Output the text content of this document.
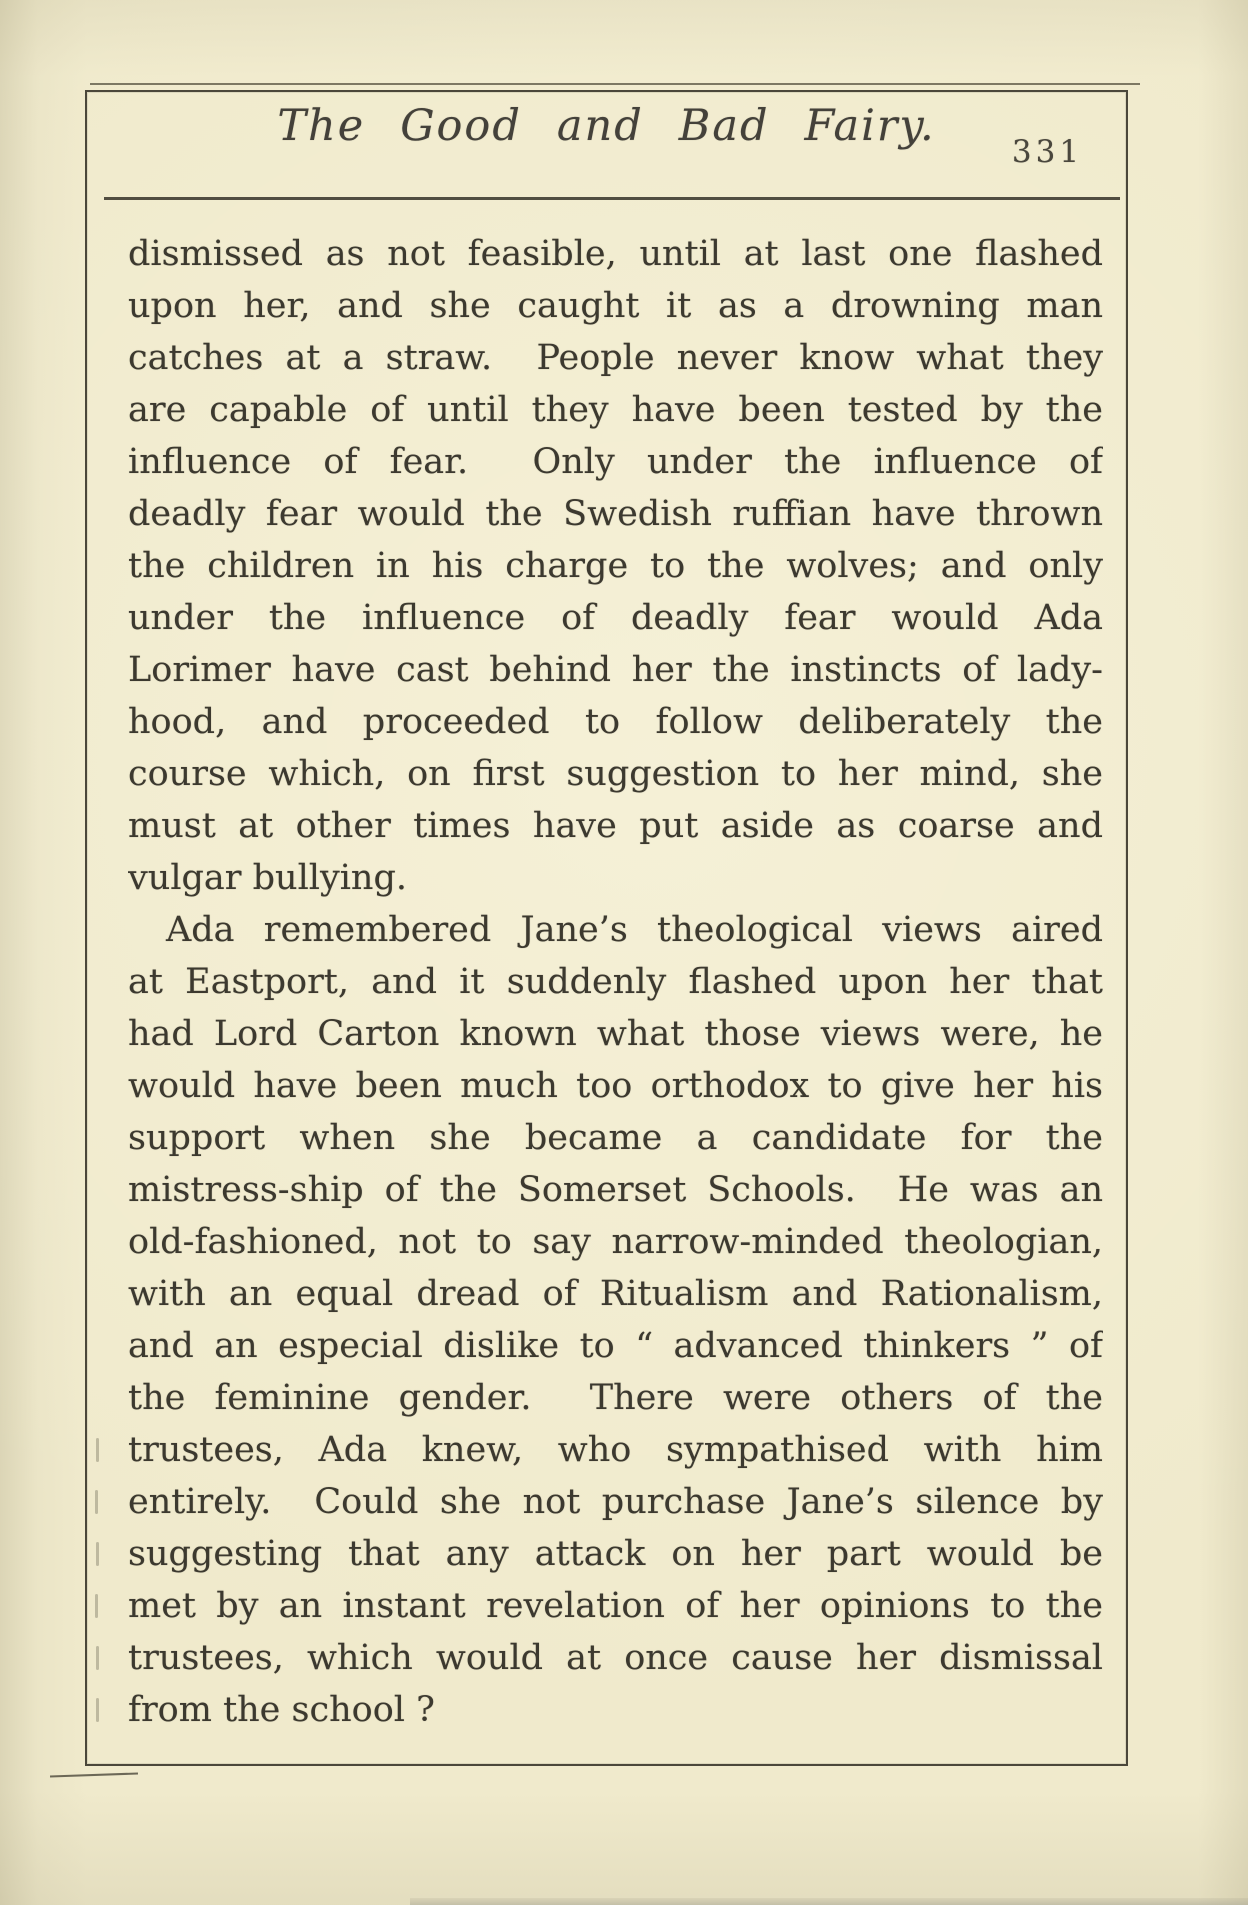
The Good and Bad Fairy.
331
dismissed as not feasible, until at last one flashed
upon her, and she caught it as a drowning man
catches at a straw.  People never know what they
are capable of until they have been tested by the
influence of fear.  Only under the influence of
deadly fear would the Swedish ruffian have thrown
the children in his charge to the wolves; and only
under the influence of deadly fear would Ada
Lorimer have cast behind her the instincts of lady-
hood, and proceeded to follow deliberately the
course which, on first suggestion to her mind, she
must at other times have put aside as coarse and
vulgar bullying.
Ada remembered Jane’s theological views aired
at Eastport, and it suddenly flashed upon her that
had Lord Carton known what those views were, he
would have been much too orthodox to give her his
support when she became a candidate for the
mistress-ship of the Somerset Schools.  He was an
old-fashioned, not to say narrow-minded theologian,
with an equal dread of Ritualism and Rationalism,
and an especial dislike to “ advanced thinkers ” of
the feminine gender.  There were others of the
trustees, Ada knew, who sympathised with him
entirely.  Could she not purchase Jane’s silence by
suggesting that any attack on her part would be
met by an instant revelation of her opinions to the
trustees, which would at once cause her dismissal
from the school ?
